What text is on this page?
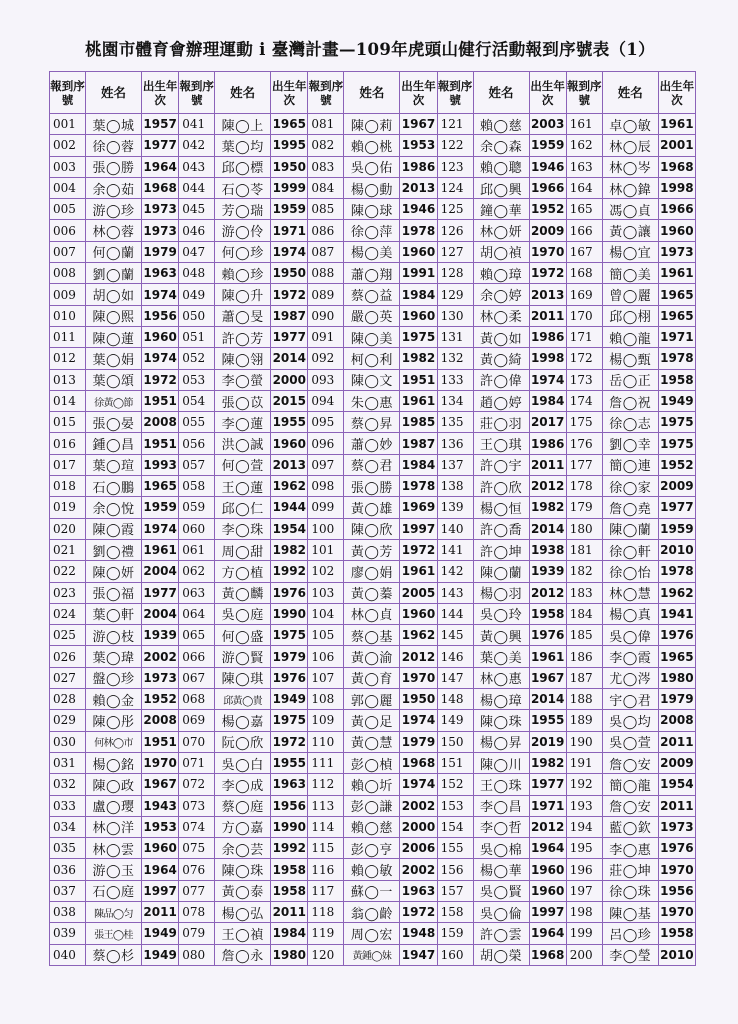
桃園市體育會辦理運動 i 臺灣計畫—109年虎頭山健行活動報到序號表（1）
報到序號	姓名	出生年次	報到序號	姓名	出生年次	報到序號	姓名	出生年次	報到序號	姓名	出生年次	報到序號	姓名	出生年次
001	葉◯城	1957	041	陳◯上	1965	081	陳◯莉	1967	121	賴◯慈	2003	161	卓◯敏	1961
002	徐◯蓉	1977	042	葉◯均	1995	082	賴◯桃	1953	122	余◯森	1959	162	林◯辰	2001
003	張◯勝	1964	043	邱◯標	1950	083	吳◯佑	1986	123	賴◯聰	1946	163	林◯岑	1968
004	余◯茹	1968	044	石◯苓	1999	084	楊◯動	2013	124	邱◯興	1966	164	林◯鍏	1998
005	游◯珍	1973	045	芳◯瑞	1959	085	陳◯球	1946	125	鐘◯華	1952	165	馮◯貞	1966
006	林◯蓉	1973	046	游◯伶	1971	086	徐◯萍	1978	126	林◯妍	2009	166	黃◯讓	1960
007	何◯蘭	1979	047	何◯珍	1974	087	楊◯美	1960	127	胡◯禎	1970	167	楊◯宜	1973
008	劉◯蘭	1963	048	賴◯珍	1950	088	蕭◯翔	1991	128	賴◯璋	1972	168	簡◯美	1961
009	胡◯如	1974	049	陳◯升	1972	089	蔡◯益	1984	129	余◯婷	2013	169	曾◯麗	1965
010	陳◯熙	1956	050	蕭◯旻	1987	090	嚴◯英	1960	130	林◯柔	2011	170	邱◯栩	1965
011	陳◯蓮	1960	051	許◯芳	1977	091	陳◯美	1975	131	黃◯如	1986	171	賴◯龍	1971
012	葉◯娟	1974	052	陳◯翎	2014	092	柯◯利	1982	132	黃◯綺	1998	172	楊◯甄	1978
013	葉◯頌	1972	053	李◯螢	2000	093	陳◯文	1951	133	許◯偉	1974	173	岳◯正	1958
014	徐黃◯節	1951	054	張◯苡	2015	094	朱◯惠	1961	134	趙◯婷	1984	174	詹◯祝	1949
015	張◯晏	2008	055	李◯蓮	1955	095	蔡◯昇	1985	135	莊◯羽	2017	175	徐◯志	1975
016	鍾◯昌	1951	056	洪◯誠	1960	096	蕭◯妙	1987	136	王◯琪	1986	176	劉◯幸	1975
017	葉◯瑄	1993	057	何◯萱	2013	097	蔡◯君	1984	137	許◯宇	2011	177	簡◯連	1952
018	石◯鵬	1965	058	王◯蓮	1962	098	張◯勝	1978	138	許◯欣	2012	178	徐◯家	2009
019	余◯悅	1959	059	邱◯仁	1944	099	黃◯雄	1969	139	楊◯恒	1982	179	詹◯堯	1977
020	陳◯霞	1974	060	李◯珠	1954	100	陳◯欣	1997	140	許◯喬	2014	180	陳◯蘭	1959
021	劉◯禮	1961	061	周◯甜	1982	101	黃◯芳	1972	141	許◯坤	1938	181	徐◯軒	2010
022	陳◯妍	2004	062	方◯植	1992	102	廖◯娟	1961	142	陳◯蘭	1939	182	徐◯怡	1978
023	張◯福	1977	063	黃◯麟	1976	103	黃◯蓁	2005	143	楊◯羽	2012	183	林◯慧	1962
024	葉◯軒	2004	064	吳◯庭	1990	104	林◯貞	1960	144	吳◯玲	1958	184	楊◯真	1941
025	游◯枝	1939	065	何◯盛	1975	105	蔡◯基	1962	145	黃◯興	1976	185	吳◯偉	1976
026	葉◯瑋	2002	066	游◯賢	1979	106	黃◯渝	2012	146	葉◯美	1961	186	李◯霞	1965
027	盤◯珍	1973	067	陳◯琪	1976	107	黃◯育	1970	147	林◯惠	1967	187	尤◯涔	1980
028	賴◯金	1952	068	邱黃◯貴	1949	108	郭◯麗	1950	148	楊◯璋	2014	188	宇◯君	1979
029	陳◯彤	2008	069	楊◯嘉	1975	109	黃◯足	1974	149	陳◯珠	1955	189	吳◯均	2008
030	何林◯市	1951	070	阮◯欣	1972	110	黃◯慧	1979	150	楊◯昇	2019	190	吳◯萱	2011
031	楊◯銘	1970	071	吳◯白	1955	111	彭◯楨	1968	151	陳◯川	1982	191	詹◯安	2009
032	陳◯政	1967	072	李◯成	1963	112	賴◯圻	1974	152	王◯珠	1977	192	簡◯龍	1954
033	盧◯璎	1943	073	蔡◯庭	1956	113	彭◯謙	2002	153	李◯昌	1971	193	詹◯安	2011
034	林◯洋	1953	074	方◯嘉	1990	114	賴◯慈	2000	154	李◯哲	2012	194	藍◯欽	1973
035	林◯雲	1960	075	余◯芸	1992	115	彭◯亨	2006	155	吳◯棉	1964	195	李◯惠	1976
036	游◯玉	1964	076	陳◯珠	1958	116	賴◯敏	2002	156	楊◯華	1960	196	莊◯坤	1970
037	石◯庭	1997	077	黃◯泰	1958	117	蘇◯一	1963	157	吳◯賢	1960	197	徐◯珠	1956
038	陳品◯匀	2011	078	楊◯弘	2011	118	翁◯齡	1972	158	吳◯倫	1997	198	陳◯基	1970
039	張王◯桂	1949	079	王◯禎	1984	119	周◯宏	1948	159	許◯雲	1964	199	呂◯珍	1958
040	蔡◯杉	1949	080	詹◯永	1980	120	黃鍾◯妹	1947	160	胡◯榮	1968	200	李◯瑩	2010
